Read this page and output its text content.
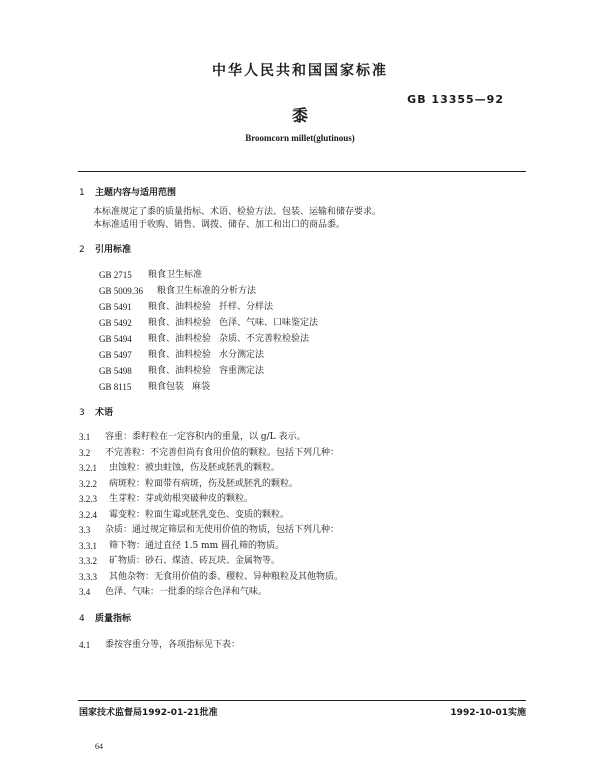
中华人民共和国国家标准
GB 13355—92
黍
Broomcorn millet(glutinous)
1 主题内容与适用范围

本标准规定了黍的质量指标、术语、检验方法、包装、运输和储存要求。

本标准适用于收购、销售、调拨、储存、加工和出口的商品黍。

2 引用标准
GB 2715	粮食卫生标准
GB 5009.36	粮食卫生标准的分析方法
GB 5491	粮食、油料检验 扦样、分样法
GB 5492	粮食、油料检验 色泽、气味、口味鉴定法
GB 5494	粮食、油料检验 杂质、不完善粒检验法
GB 5497	粮食、油料检验 水分测定法
GB 5498	粮食、油料检验 容重测定法
GB 8115	粮食包装 麻袋
3 术语
3.1	容重：黍籽粒在一定容积内的重量，以 g/L 表示。
3.2	不完善粒：不完善但尚有食用价值的颗粒。包括下列几种：
3.2.1	虫蚀粒：被虫蛀蚀，伤及胚或胚乳的颗粒。
3.2.2	病斑粒：粒面带有病斑，伤及胚或胚乳的颗粒。
3.2.3	生芽粒：芽或幼根突破种皮的颗粒。
3.2.4	霉变粒：粒面生霉或胚乳变色、变质的颗粒。
3.3	杂质：通过规定筛层和无使用价值的物质，包括下列几种：
3.3.1	筛下物：通过直径 1.5 mm 圆孔筛的物质。
3.3.2	矿物质：砂石、煤渣、砖瓦块、金属物等。
3.3.3	其他杂物：无食用价值的黍、稷粒、异种粮粒及其他物质。
3.4	色泽、气味：一批黍的综合色泽和气味。
4 质量指标
4.1	黍按容重分等，各项指标见下表：
国家技术监督局1992-01-21批准	1992-10-01实施
64
